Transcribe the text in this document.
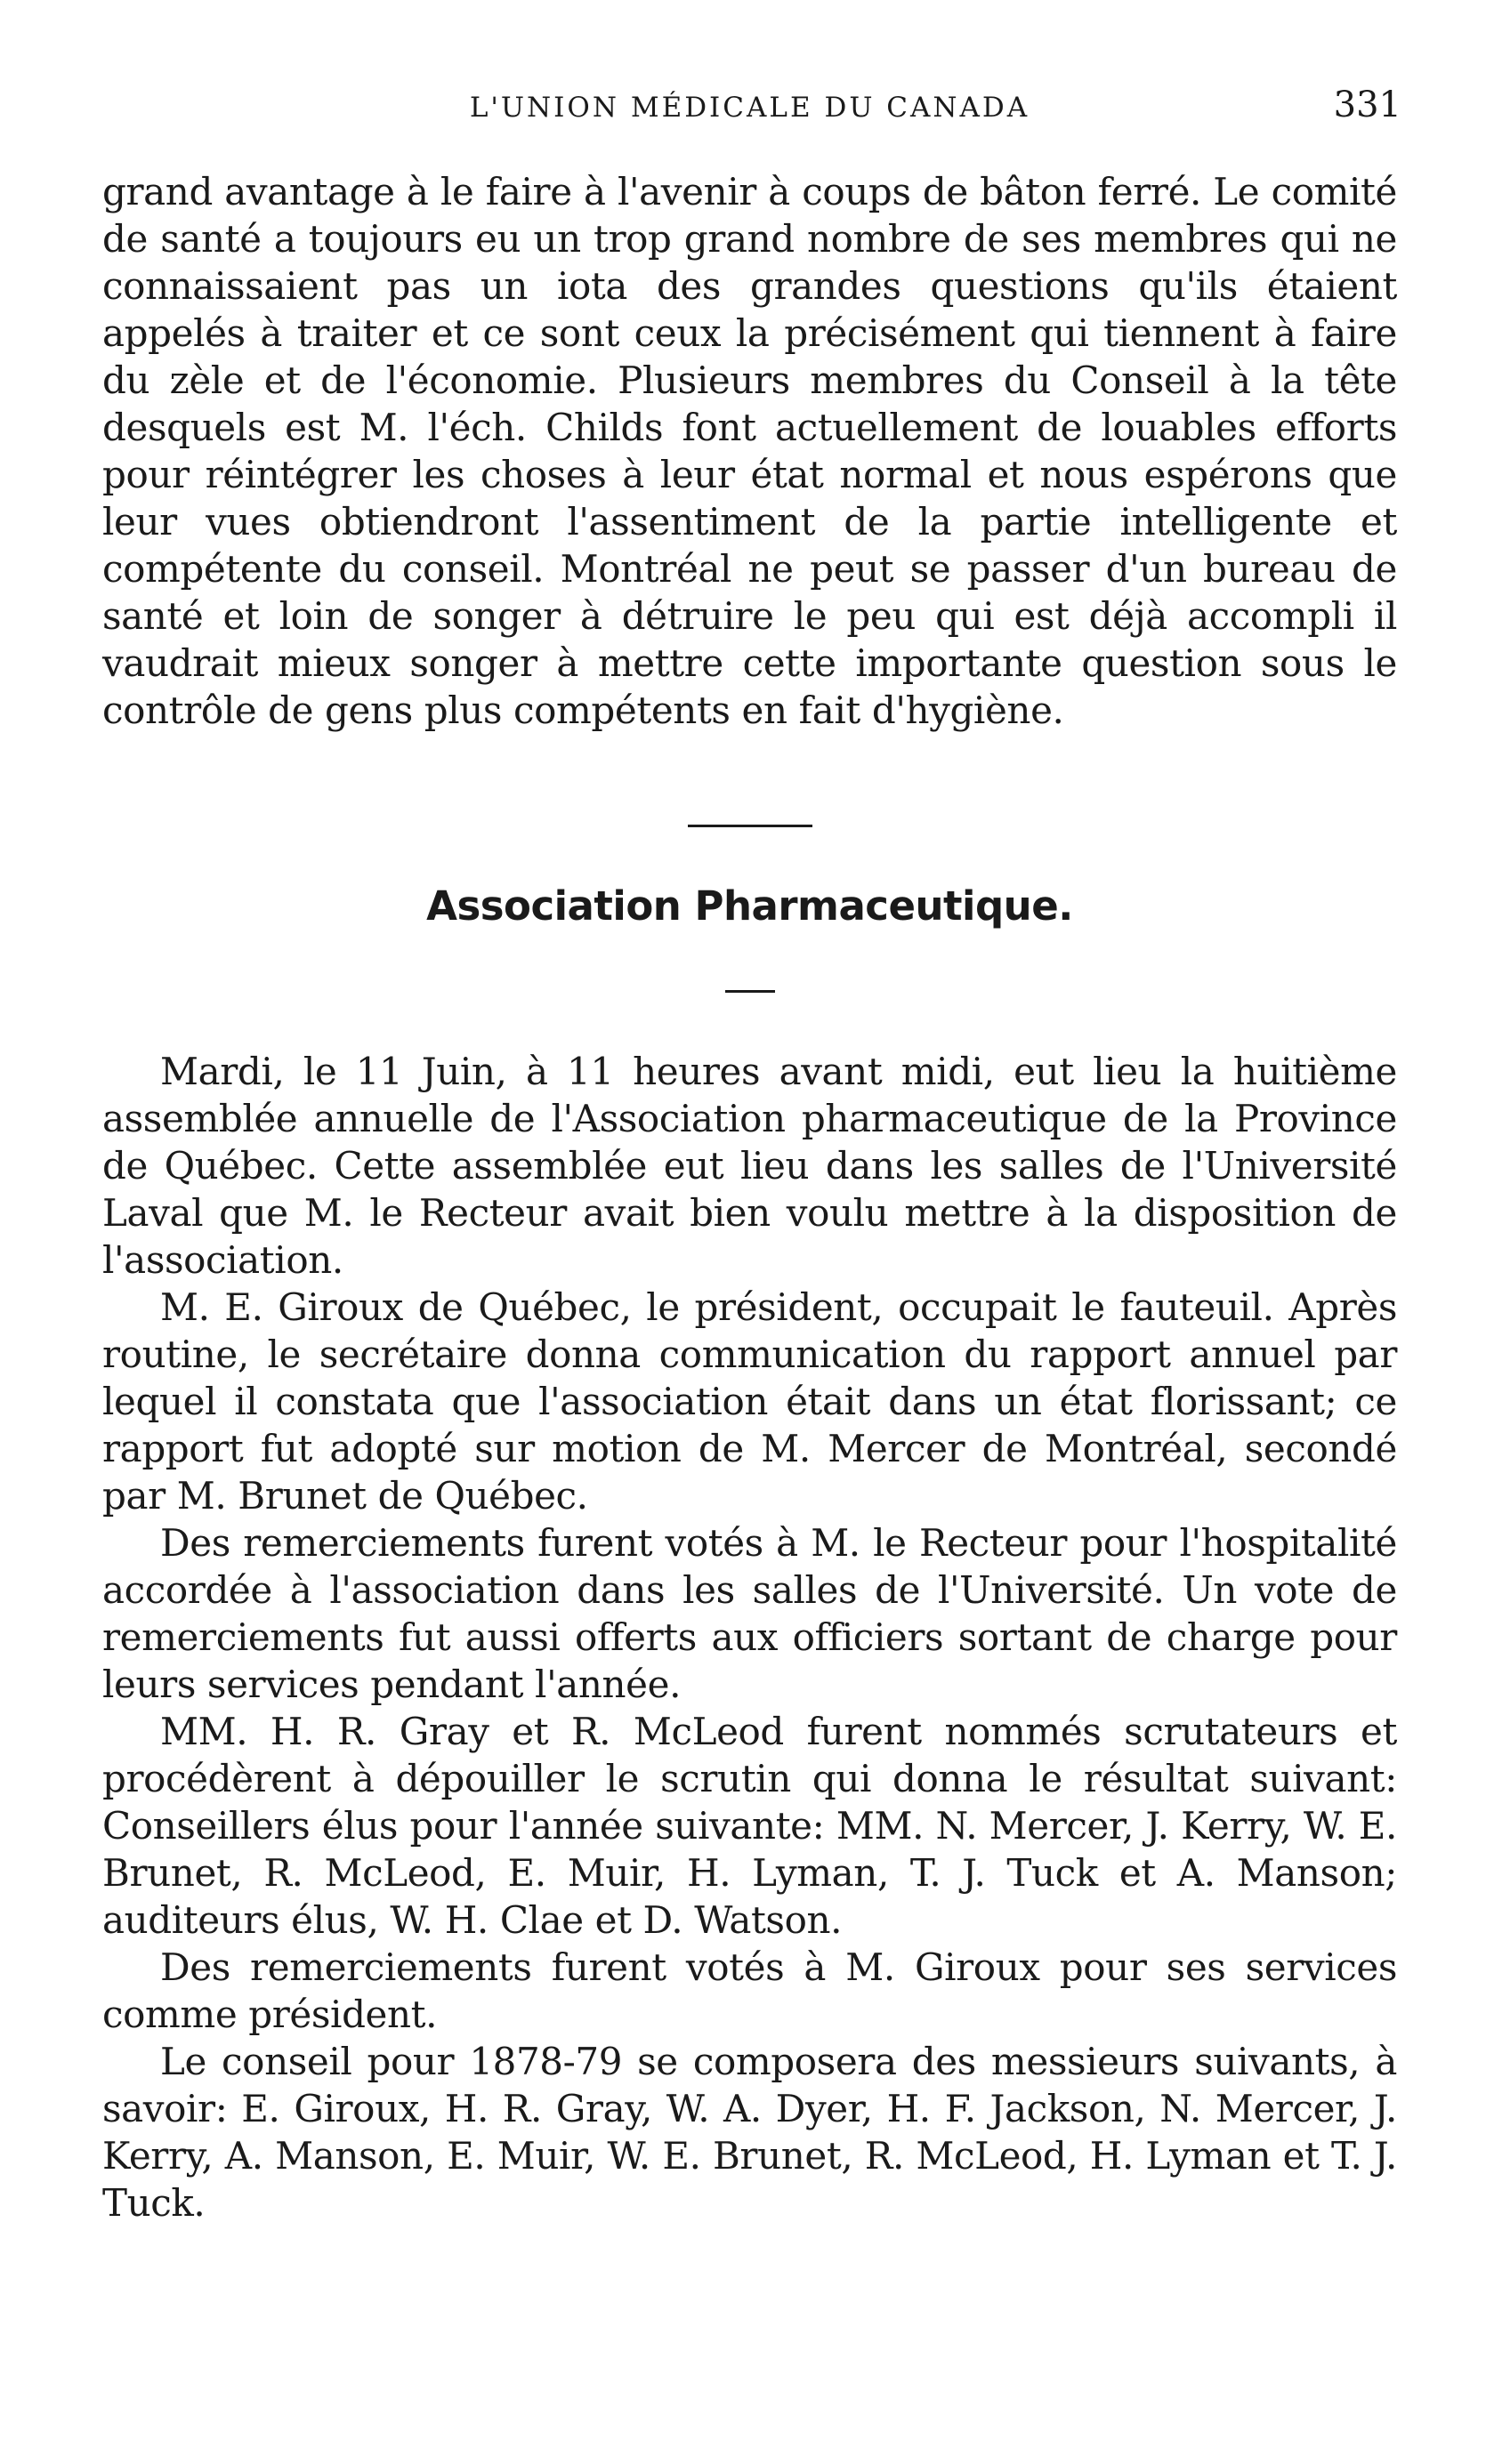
L'UNION MÉDICALE DU CANADA	331

grand avantage à le faire à l'avenir à coups de bâton ferré. Le comité de santé a toujours eu un trop grand nombre de ses membres qui ne connaissaient pas un iota des grandes questions qu'ils étaient appelés à traiter et ce sont ceux la précisément qui tiennent à faire du zèle et de l'économie. Plusieurs membres du Conseil à la tête desquels est M. l'éch. Childs font actuellement de louables efforts pour réintégrer les choses à leur état normal et nous espérons que leur vues obtiendront l'assentiment de la partie intelligente et compétente du conseil. Montréal ne peut se passer d'un bureau de santé et loin de songer à détruire le peu qui est déjà accompli il vaudrait mieux songer à mettre cette importante question sous le contrôle de gens plus compétents en fait d'hygiène.

Association Pharmaceutique.

Mardi, le 11 Juin, à 11 heures avant midi, eut lieu la huitième assemblée annuelle de l'Association pharmaceutique de la Province de Québec. Cette assemblée eut lieu dans les salles de l'Université Laval que M. le Recteur avait bien voulu mettre à la disposition de l'association.

M. E. Giroux de Québec, le président, occupait le fauteuil. Après routine, le secrétaire donna communication du rapport annuel par lequel il constata que l'association était dans un état florissant; ce rapport fut adopté sur motion de M. Mercer de Montréal, secondé par M. Brunet de Québec.

Des remerciements furent votés à M. le Recteur pour l'hospitalité accordée à l'association dans les salles de l'Université. Un vote de remerciements fut aussi offerts aux officiers sortant de charge pour leurs services pendant l'année.

MM. H. R. Gray et R. McLeod furent nommés scrutateurs et procédèrent à dépouiller le scrutin qui donna le résultat suivant: Conseillers élus pour l'année suivante: MM. N. Mercer, J. Kerry, W. E. Brunet, R. McLeod, E. Muir, H. Lyman, T. J. Tuck et A. Manson; auditeurs élus, W. H. Clae et D. Watson.

Des remerciements furent votés à M. Giroux pour ses services comme président.

Le conseil pour 1878-79 se composera des messieurs suivants, à savoir: E. Giroux, H. R. Gray, W. A. Dyer, H. F. Jackson, N. Mercer, J. Kerry, A. Manson, E. Muir, W. E. Brunet, R. McLeod, H. Lyman et T. J. Tuck.
